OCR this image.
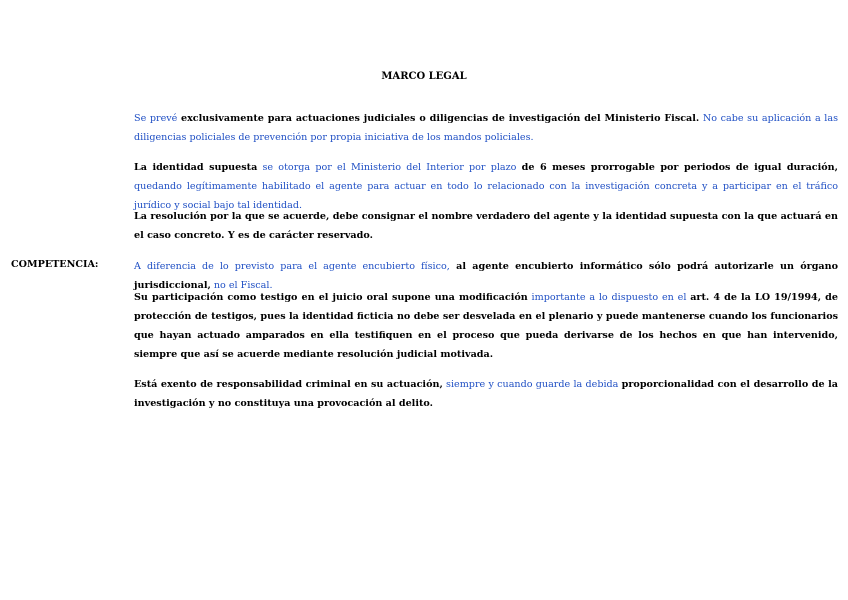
MARCO LEGAL

Se prevé exclusivamente para actuaciones judiciales o diligencias de investigación del Ministerio Fiscal. No cabe su aplicación a las diligencias policiales de prevención por propia iniciativa de los mandos policiales.

La identidad supuesta se otorga por el Ministerio del Interior por plazo de 6 meses prorrogable por periodos de igual duración, quedando legítimamente habilitado el agente para actuar en todo lo relacionado con la investigación concreta y a participar en el tráfico jurídico y social bajo tal identidad.

La resolución por la que se acuerde, debe consignar el nombre verdadero del agente y la identidad supuesta con la que actuará en el caso concreto. Y es de carácter reservado.

COMPETENCIA:	A diferencia de lo previsto para el agente encubierto físico, al agente encubierto informático sólo podrá autorizarle un órgano jurisdiccional, no el Fiscal.

Su participación como testigo en el juicio oral supone una modificación importante a lo dispuesto en el art. 4 de la LO 19/1994, de protección de testigos, pues la identidad ficticia no debe ser desvelada en el plenario y puede mantenerse cuando los funcionarios que hayan actuado amparados en ella testifiquen en el proceso que pueda derivarse de los hechos en que han intervenido, siempre que así se acuerde mediante resolución judicial motivada.

Está exento de responsabilidad criminal en su actuación, siempre y cuando guarde la debida proporcionalidad con el desarrollo de la investigación y no constituya una provocación al delito.
